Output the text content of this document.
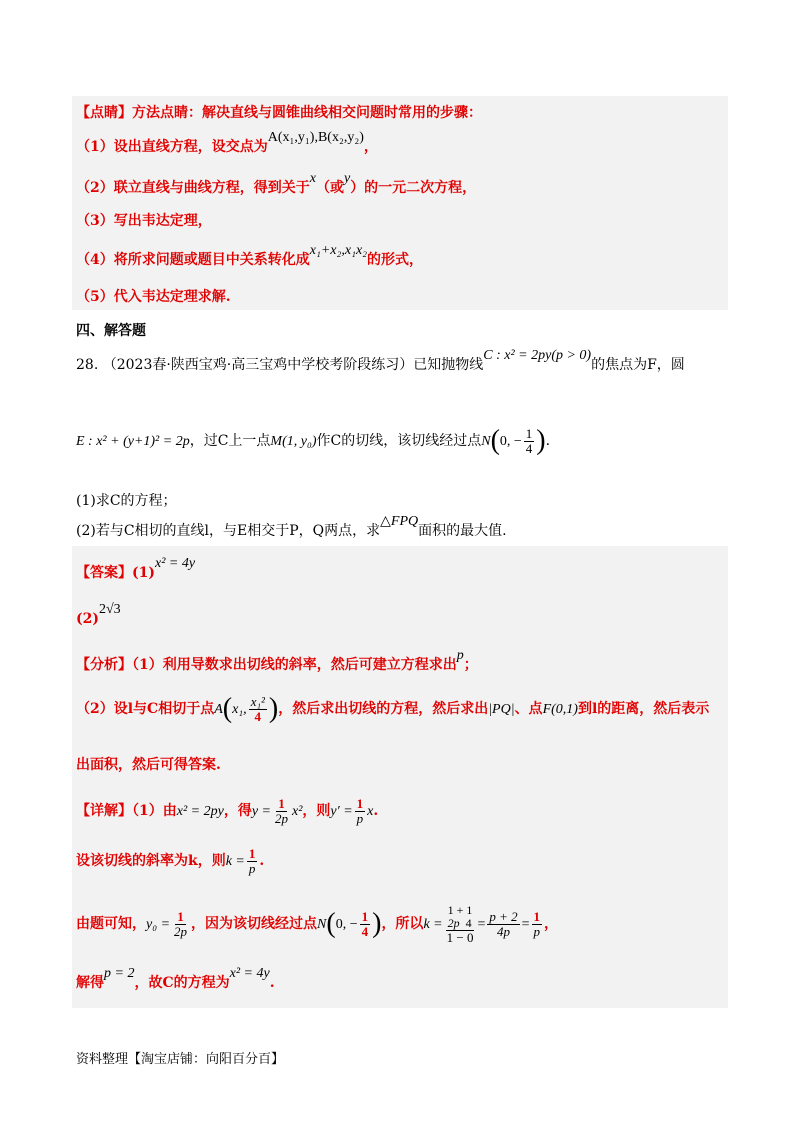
【点睛】方法点睛：解决直线与圆锥曲线相交问题时常用的步骤：
（1）设出直线方程，设交点为A(x₁,y₁),B(x₂,y₂)，
（2）联立直线与曲线方程，得到关于x（或y）的一元二次方程，
（3）写出韦达定理，
（4）将所求问题或题目中关系转化成x₁+x₂,x₁x₂的形式，
（5）代入韦达定理求解.
四、解答题
28. （2023春·陕西宝鸡·高三宝鸡中学校考阶段练习）已知抛物线C : x² = 2py(p > 0)的焦点为F，圆
E : x² + (y+1)² = 2p，过C上一点M(1, y₀)作C的切线，该切线经过点N(0, − $\frac{1}{4}$ ).
(1)求C的方程；
(2)若与C相切的直线l，与E相交于P，Q两点，求△FPQ面积的最大值.
【答案】(1)x² = 4y
(2)2√3
【分析】（1）利用导数求出切线的斜率，然后可建立方程求出p；
（2）设l与C相切于点A(x₁, $\frac{\text{x₁²}}{4}$ )，然后求出切线的方程，然后求出|PQ|、点F(0,1)到l的距离，然后表示
出面积，然后可得答案.
【详解】（1）由x² = 2py，得$y = \frac{1}{2p} x^2$，则$y' = \frac{1}{p} x$.
设该切线的斜率为k，则$k = \frac{1}{p}$ .
由题可知，$y_0 = \frac{1}{2p}$ ，因为该切线经过点N(0, − $\frac{1}{4}$ )，所以k =
1 + 1
2p 4
1 − 0
= $\frac{p + 2}{4p} = \frac{1}{p}$ ，
解得p = 2，故C的方程为x² = 4y.
资料整理【淘宝店铺：向阳百分百】
